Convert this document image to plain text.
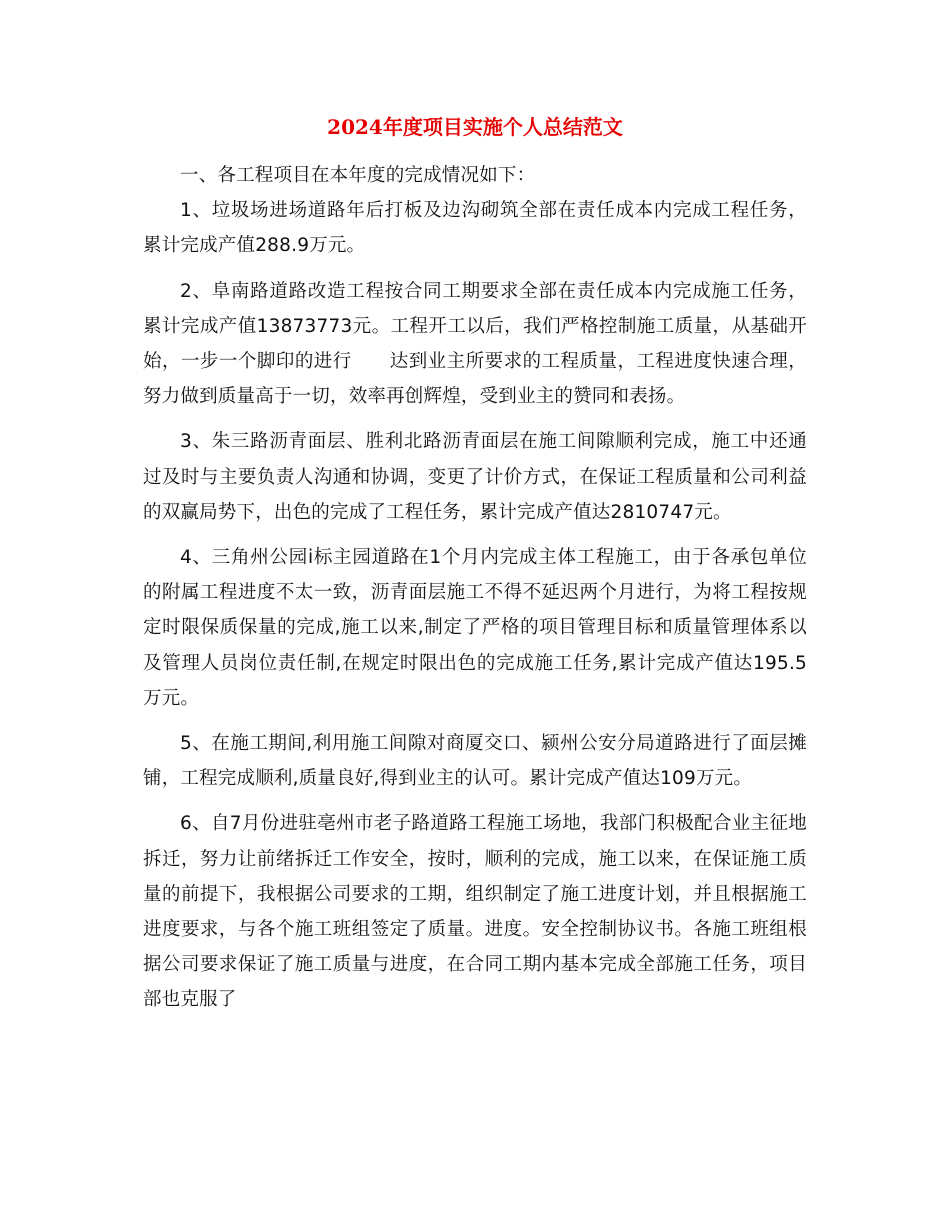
2024年度项目实施个人总结范文

一、各工程项目在本年度的完成情况如下：

1、垃圾场进场道路年后打板及边沟砌筑全部在责任成本内完成工程任务，累计完成产值288.9万元。

2、阜南路道路改造工程按合同工期要求全部在责任成本内完成施工任务，累计完成产值13873773元。工程开工以后，我们严格控制施工质量，从基础开始，一步一个脚印的进行　　达到业主所要求的工程质量，工程进度快速合理，努力做到质量高于一切，效率再创辉煌，受到业主的赞同和表扬。

3、朱三路沥青面层、胜利北路沥青面层在施工间隙顺利完成，施工中还通过及时与主要负责人沟通和协调，变更了计价方式，在保证工程质量和公司利益的双赢局势下，出色的完成了工程任务，累计完成产值达2810747元。

4、三角州公园ⅰ标主园道路在1个月内完成主体工程施工，由于各承包单位的附属工程进度不太一致，沥青面层施工不得不延迟两个月进行，为将工程按规定时限保质保量的完成,施工以来,制定了严格的项目管理目标和质量管理体系以及管理人员岗位责任制,在规定时限出色的完成施工任务,累计完成产值达195.5万元。

5、在施工期间,利用施工间隙对商厦交口、颍州公安分局道路进行了面层摊铺，工程完成顺利,质量良好,得到业主的认可。累计完成产值达109万元。

6、自7月份进驻亳州市老子路道路工程施工场地，我部门积极配合业主征地拆迁，努力让前绪拆迁工作安全，按时，顺利的完成，施工以来，在保证施工质量的前提下，我根据公司要求的工期，组织制定了施工进度计划，并且根据施工进度要求，与各个施工班组签定了质量。进度。安全控制协议书。各施工班组根据公司要求保证了施工质量与进度，在合同工期内基本完成全部施工任务，项目部也克服了
